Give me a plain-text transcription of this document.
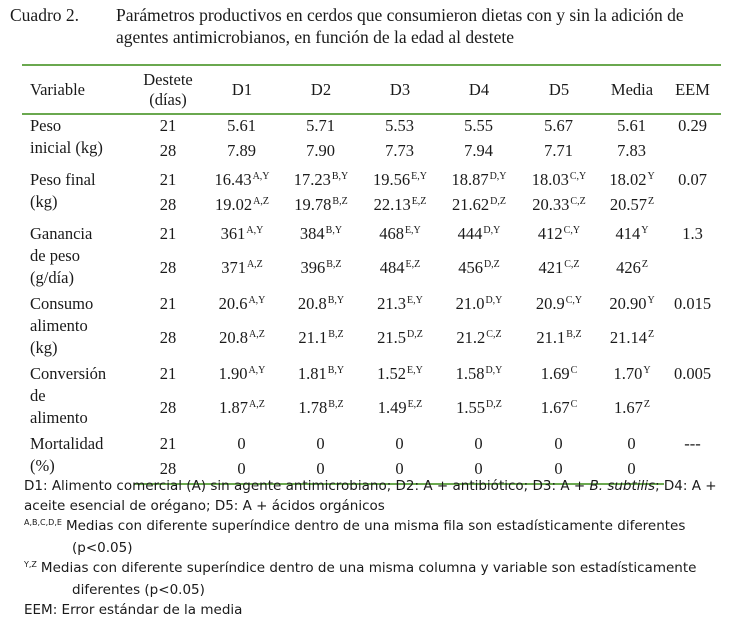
Cuadro 2. Parámetros productivos en cerdos que consumieron dietas con y sin la adición de
agentes antimicrobianos, en función de la edad al destete
Variable	Destete
(días)	D1	D2	D3	D4	D5	Media	EEM
Peso
inicial (kg)	21	5.61	5.71	5.53	5.55	5.67	5.61	0.29
	28	7.89	7.90	7.73	7.94	7.71	7.83	
Peso final
(kg)	21	$16.43^{A,Y}$	$17.23^{B,Y}$	$19.56^{E,Y}$	$18.87^{D,Y}$	$18.03^{C,Y}$	$18.02^Y$	0.07
	28	$19.02^{A,Z}$	$19.78^{B,Z}$	$22.13^{E,Z}$	$21.62^{D,Z}$	$20.33^{C,Z}$	$20.57^Z$
Ganancia
de peso
(g/día)	21	$361^{A,Y}$	$384^{B,Y}$	$468^{E,Y}$	$444^{D,Y}$	$412^{C,Y}$	$414^Y$	1.3
	28	$371^{A,Z}$	$396^{B,Z}$	$484^{E,Z}$	$456^{D,Z}$	$421^{C,Z}$	$426^Z$
Consumo
alimento
(kg)	21	$20.6^{A,Y}$	$20.8^{B,Y}$	$21.3^{E,Y}$	$21.0^{D,Y}$	$20.9^{C,Y}$	$20.90^Y$	0.015
	28	$20.8^{A,Z}$	$21.1^{B,Z}$	$21.5^{D,Z}$	$21.2^{C,Z}$	$21.1^{B,Z}$	$21.14^Z$
Conversión
de
alimento	21	$1.90^{A,Y}$	$1.81^{B,Y}$	$1.52^{E,Y}$	$1.58^{D,Y}$	$1.69^C$	$1.70^Y$	0.005
	28	$1.87^{A,Z}$	$1.78^{B,Z}$	$1.49^{E,Z}$	$1.55^{D,Z}$	$1.67^C$	$1.67^Z$
Mortalidad
(%)	21	0	0	0	0	0	0	---
	28	0	0	0	0	0	0	

D1: Alimento comercial (A) sin agente antimicrobiano; D2: A + antibiótico; D3: A + B. subtilis; D4: A +

aceite esencial de orégano; D5: A + ácidos orgánicos

$^{A,B,C,D,E}$ Medias con diferente superíndice dentro de una misma fila son estadísticamente diferentes

(p<0.05)

$^{Y,Z}$ Medias con diferente superíndice dentro de una misma columna y variable son estadísticamente

diferentes (p<0.05)

EEM: Error estándar de la media
